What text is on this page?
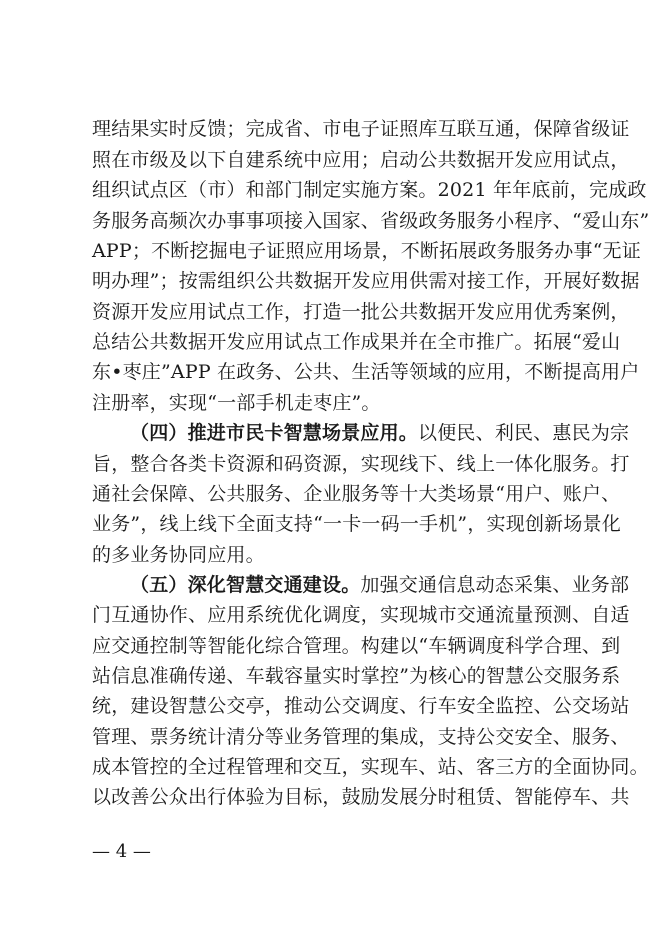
理结果实时反馈；完成省、市电子证照库互联互通，保障省级证
照在市级及以下自建系统中应用；启动公共数据开发应用试点，
组织试点区（市）和部门制定实施方案。2021 年年底前，完成政
务服务高频次办事事项接入国家、省级政务服务小程序、“爱山东”
APP；不断挖掘电子证照应用场景，不断拓展政务服务办事“无证
明办理”；按需组织公共数据开发应用供需对接工作，开展好数据
资源开发应用试点工作，打造一批公共数据开发应用优秀案例，
总结公共数据开发应用试点工作成果并在全市推广。拓展“爱山
东•枣庄”APP 在政务、公共、生活等领域的应用，不断提高用户
注册率，实现“一部手机走枣庄”。
（四）推进市民卡智慧场景应用。以便民、利民、惠民为宗
旨，整合各类卡资源和码资源，实现线下、线上一体化服务。打
通社会保障、公共服务、企业服务等十大类场景“用户、账户、
业务”，线上线下全面支持“一卡一码一手机”，实现创新场景化
的多业务协同应用。
（五）深化智慧交通建设。加强交通信息动态采集、业务部
门互通协作、应用系统优化调度，实现城市交通流量预测、自适
应交通控制等智能化综合管理。构建以“车辆调度科学合理、到
站信息准确传递、车载容量实时掌控”为核心的智慧公交服务系
统，建设智慧公交亭，推动公交调度、行车安全监控、公交场站
管理、票务统计清分等业务管理的集成，支持公交安全、服务、
成本管控的全过程管理和交互，实现车、站、客三方的全面协同。
以改善公众出行体验为目标，鼓励发展分时租赁、智能停车、共
— 4 —
